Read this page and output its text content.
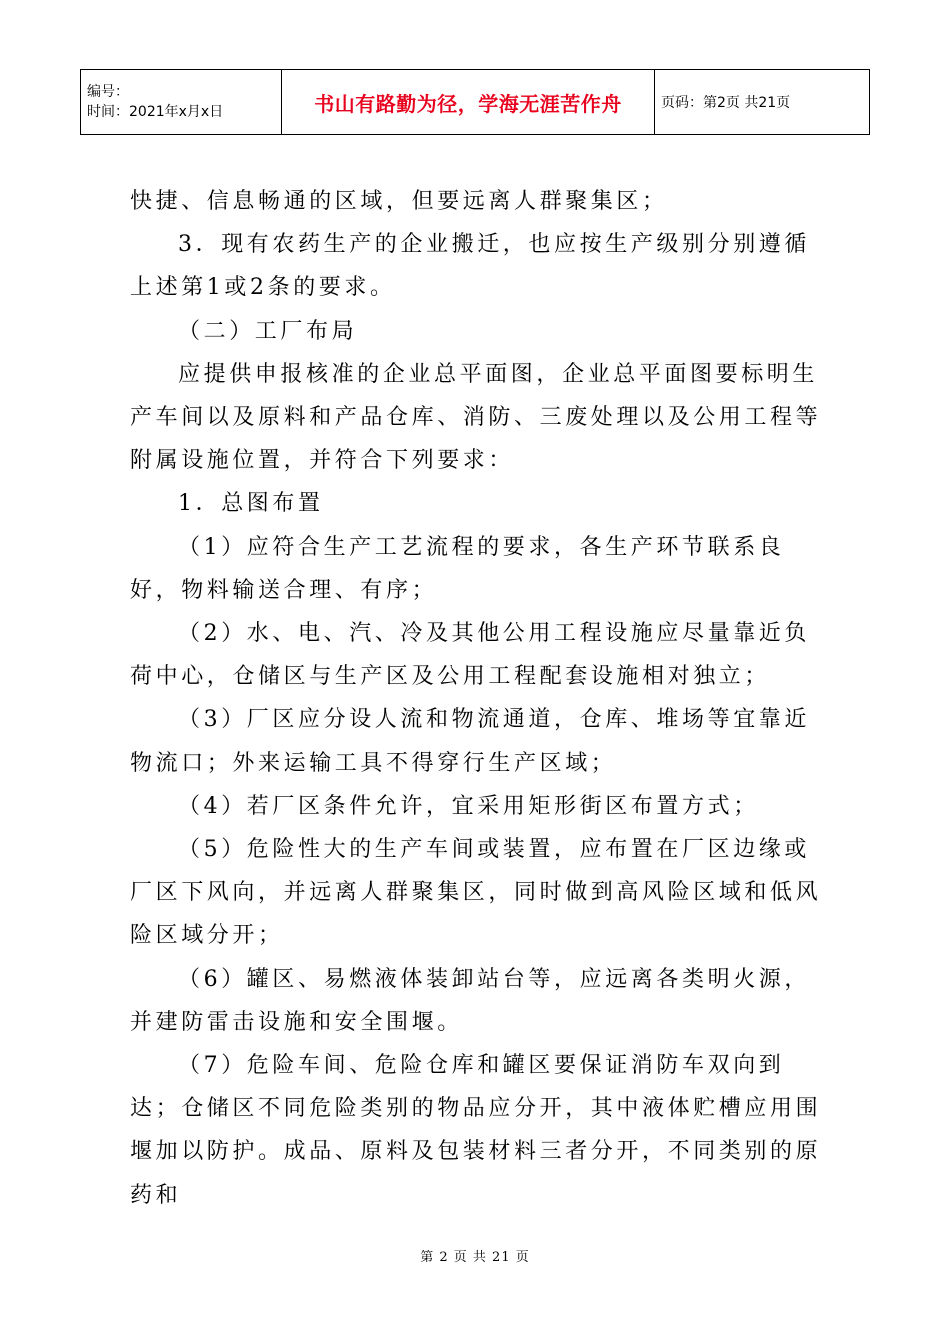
编号：
时间：2021年x月x日	书山有路勤为径，学海无涯苦作舟	页码：第2页 共21页

快捷、信息畅通的区域，但要远离人群聚集区；

3．现有农药生产的企业搬迁，也应按生产级别分别遵循上述第1或2条的要求。

（二）工厂布局

应提供申报核准的企业总平面图，企业总平面图要标明生产车间以及原料和产品仓库、消防、三废处理以及公用工程等附属设施位置，并符合下列要求：

1．总图布置

（1）应符合生产工艺流程的要求，各生产环节联系良好，物料输送合理、有序；

（2）水、电、汽、冷及其他公用工程设施应尽量靠近负荷中心，仓储区与生产区及公用工程配套设施相对独立；

（3）厂区应分设人流和物流通道，仓库、堆场等宜靠近物流口；外来运输工具不得穿行生产区域；

（4）若厂区条件允许，宜采用矩形街区布置方式；

（5）危险性大的生产车间或装置，应布置在厂区边缘或厂区下风向，并远离人群聚集区，同时做到高风险区域和低风险区域分开；

（6）罐区、易燃液体装卸站台等，应远离各类明火源，并建防雷击设施和安全围堰。

（7）危险车间、危险仓库和罐区要保证消防车双向到达；仓储区不同危险类别的物品应分开，其中液体贮槽应用围堰加以防护。成品、原料及包装材料三者分开，不同类别的原药和

第 2 页 共 21 页
